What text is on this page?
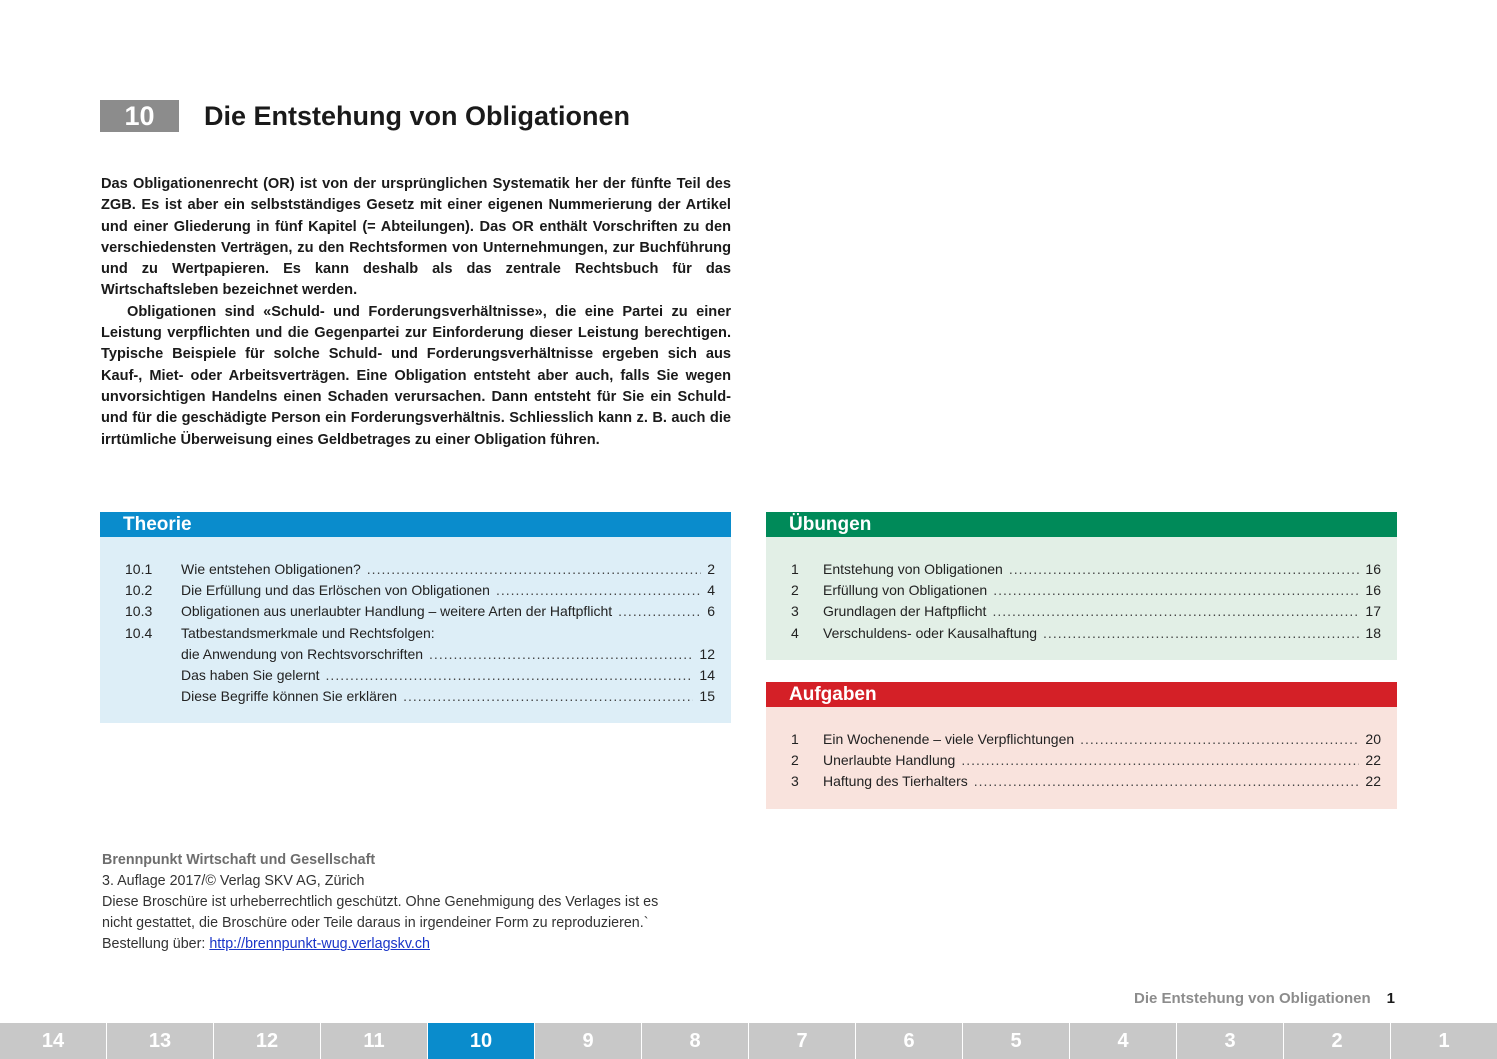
10	Die Entstehung von Obligationen

Das Obligationenrecht (OR) ist von der ursprünglichen Systematik her der fünfte Teil des ZGB. Es ist aber ein selbstständiges Gesetz mit einer eigenen Nummerierung der Artikel und einer Gliederung in fünf Kapitel (= Abteilungen). Das OR enthält Vorschriften zu den verschiedensten Verträgen, zu den Rechtsformen von Unternehmungen, zur Buchführung und zu Wertpapieren. Es kann deshalb als das zentrale Rechtsbuch für das Wirtschaftsleben bezeichnet werden.

Obligationen sind «Schuld- und Forderungsverhältnisse», die eine Partei zu einer Leistung verpflichten und die Gegenpartei zur Einforderung dieser Leistung berechtigen. Typische Beispiele für solche Schuld- und Forderungsverhältnisse ergeben sich aus Kauf-, Miet- oder Arbeitsverträgen. Eine Obligation entsteht aber auch, falls Sie wegen unvorsichtigen Handelns einen Schaden verursachen. Dann entsteht für Sie ein Schuld- und für die geschädigte Person ein Forderungsverhältnis. Schliesslich kann z. B. auch die irrtümliche Überweisung eines Geldbetrages zu einer Obligation führen.

Theorie
10.1	Wie entstehen Obligationen? .....	2
10.2	Die Erfüllung und das Erlöschen von Obligationen .....	4
10.3	Obligationen aus unerlaubter Handlung – weitere Arten der Haftpflicht .....	6
10.4	Tatbestandsmerkmale und Rechtsfolgen:
die Anwendung von Rechtsvorschriften .....	12
Das haben Sie gelernt .....	14
Diese Begriffe können Sie erklären .....	15
Übungen
1	Entstehung von Obligationen .....	16
2	Erfüllung von Obligationen .....	16
3	Grundlagen der Haftpflicht .....	17
4	Verschuldens- oder Kausalhaftung .....	18
Aufgaben
1	Ein Wochenende – viele Verpflichtungen .....	20
2	Unerlaubte Handlung .....	22
3	Haftung des Tierhalters .....	22
Brennpunkt Wirtschaft und Gesellschaft
3. Auflage 2017/© Verlag SKV AG, Zürich
Diese Broschüre ist urheberrechtlich geschützt. Ohne Genehmigung des Verlages ist es
nicht gestattet, die Broschüre oder Teile daraus in irgendeiner Form zu reproduzieren.`
Bestellung über: http://brennpunkt-wug.verlagskv.ch
Die Entstehung von Obligationen 1
14	13	12	11	10	9	8	7	6	5	4	3	2	1
